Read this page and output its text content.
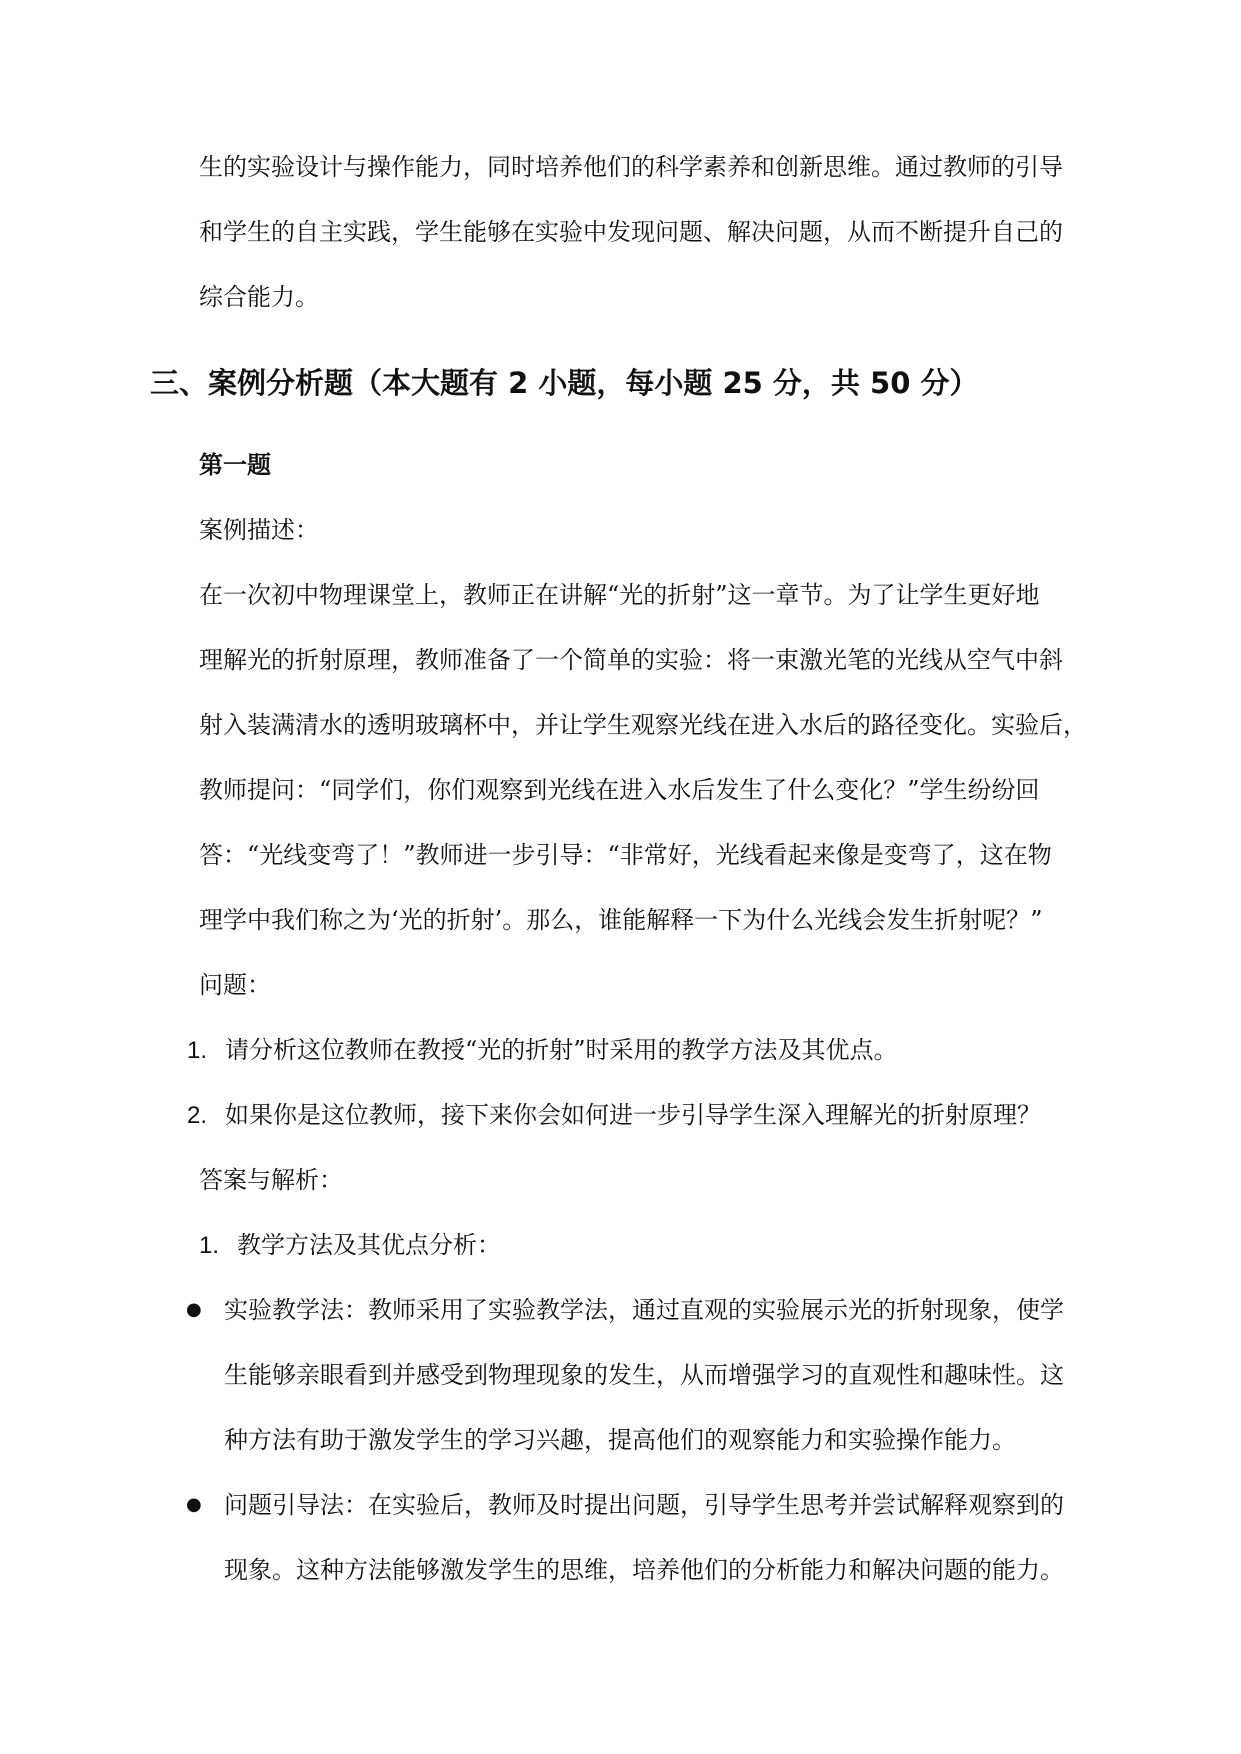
生的实验设计与操作能力，同时培养他们的科学素养和创新思维。通过教师的引导
和学生的自主实践，学生能够在实验中发现问题、解决问题，从而不断提升自己的
综合能力。
三、案例分析题（本大题有 2 小题，每小题 25 分，共 50 分）
第一题
案例描述：
在一次初中物理课堂上，教师正在讲解“光的折射”这一章节。为了让学生更好地
理解光的折射原理，教师准备了一个简单的实验：将一束激光笔的光线从空气中斜
射入装满清水的透明玻璃杯中，并让学生观察光线在进入水后的路径变化。实验后，
教师提问：“同学们，你们观察到光线在进入水后发生了什么变化？”学生纷纷回
答：“光线变弯了！”教师进一步引导：“非常好，光线看起来像是变弯了，这在物
理学中我们称之为‘光的折射’。那么，谁能解释一下为什么光线会发生折射呢？”
问题：
1. 请分析这位教师在教授“光的折射”时采用的教学方法及其优点。
2. 如果你是这位教师，接下来你会如何进一步引导学生深入理解光的折射原理？
答案与解析：
1. 教学方法及其优点分析：
● 实验教学法：教师采用了实验教学法，通过直观的实验展示光的折射现象，使学
生能够亲眼看到并感受到物理现象的发生，从而增强学习的直观性和趣味性。这
种方法有助于激发学生的学习兴趣，提高他们的观察能力和实验操作能力。
● 问题引导法：在实验后，教师及时提出问题，引导学生思考并尝试解释观察到的
现象。这种方法能够激发学生的思维，培养他们的分析能力和解决问题的能力。
